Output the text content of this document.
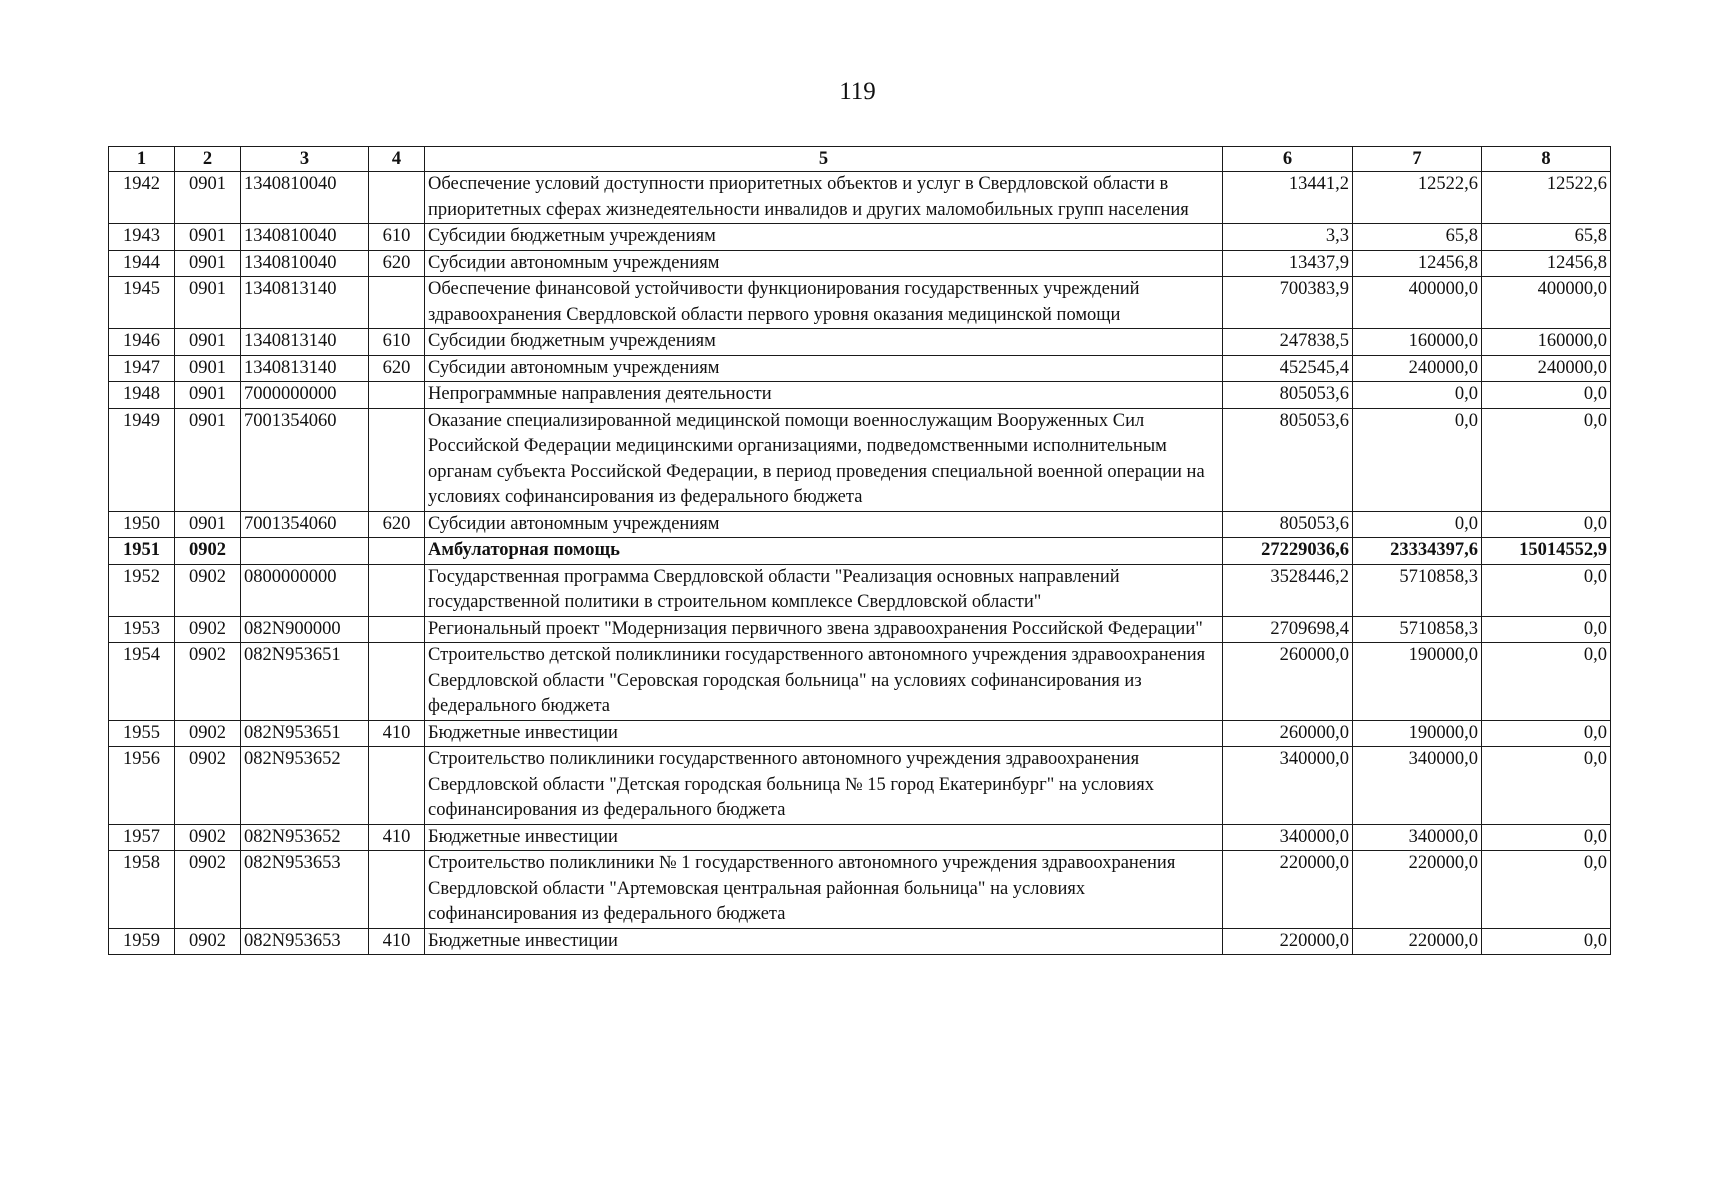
119
1	2	3	4	5	6	7	8
1942	0901	1340810040		Обеспечение условий доступности приоритетных объектов и услуг в Свердловской области в приоритетных сферах жизнедеятельности инвалидов и других маломобильных групп населения	13441,2	12522,6	12522,6
1943	0901	1340810040	610	Субсидии бюджетным учреждениям	3,3	65,8	65,8
1944	0901	1340810040	620	Субсидии автономным учреждениям	13437,9	12456,8	12456,8
1945	0901	1340813140		Обеспечение финансовой устойчивости функционирования государственных учреждений здравоохранения Свердловской области первого уровня оказания медицинской помощи	700383,9	400000,0	400000,0
1946	0901	1340813140	610	Субсидии бюджетным учреждениям	247838,5	160000,0	160000,0
1947	0901	1340813140	620	Субсидии автономным учреждениям	452545,4	240000,0	240000,0
1948	0901	7000000000		Непрограммные направления деятельности	805053,6	0,0	0,0
1949	0901	7001354060		Оказание специализированной медицинской помощи военнослужащим Вооруженных Сил Российской Федерации медицинскими организациями, подведомственными исполнительным органам субъекта Российской Федерации, в период проведения специальной военной операции на условиях софинансирования из федерального бюджета	805053,6	0,0	0,0
1950	0901	7001354060	620	Субсидии автономным учреждениям	805053,6	0,0	0,0
1951	0902			Амбулаторная помощь	27229036,6	23334397,6	15014552,9
1952	0902	0800000000		Государственная программа Свердловской области "Реализация основных направлений государственной политики в строительном комплексе Свердловской области"	3528446,2	5710858,3	0,0
1953	0902	082N900000		Региональный проект "Модернизация первичного звена здравоохранения Российской Федерации"	2709698,4	5710858,3	0,0
1954	0902	082N953651		Строительство детской поликлиники государственного автономного учреждения здравоохранения Свердловской области "Серовская городская больница" на условиях софинансирования из федерального бюджета	260000,0	190000,0	0,0
1955	0902	082N953651	410	Бюджетные инвестиции	260000,0	190000,0	0,0
1956	0902	082N953652		Строительство поликлиники государственного автономного учреждения здравоохранения Свердловской области "Детская городская больница № 15 город Екатеринбург" на условиях софинансирования из федерального бюджета	340000,0	340000,0	0,0
1957	0902	082N953652	410	Бюджетные инвестиции	340000,0	340000,0	0,0
1958	0902	082N953653		Строительство поликлиники № 1 государственного автономного учреждения здравоохранения Свердловской области "Артемовская центральная районная больница" на условиях софинансирования из федерального бюджета	220000,0	220000,0	0,0
1959	0902	082N953653	410	Бюджетные инвестиции	220000,0	220000,0	0,0
